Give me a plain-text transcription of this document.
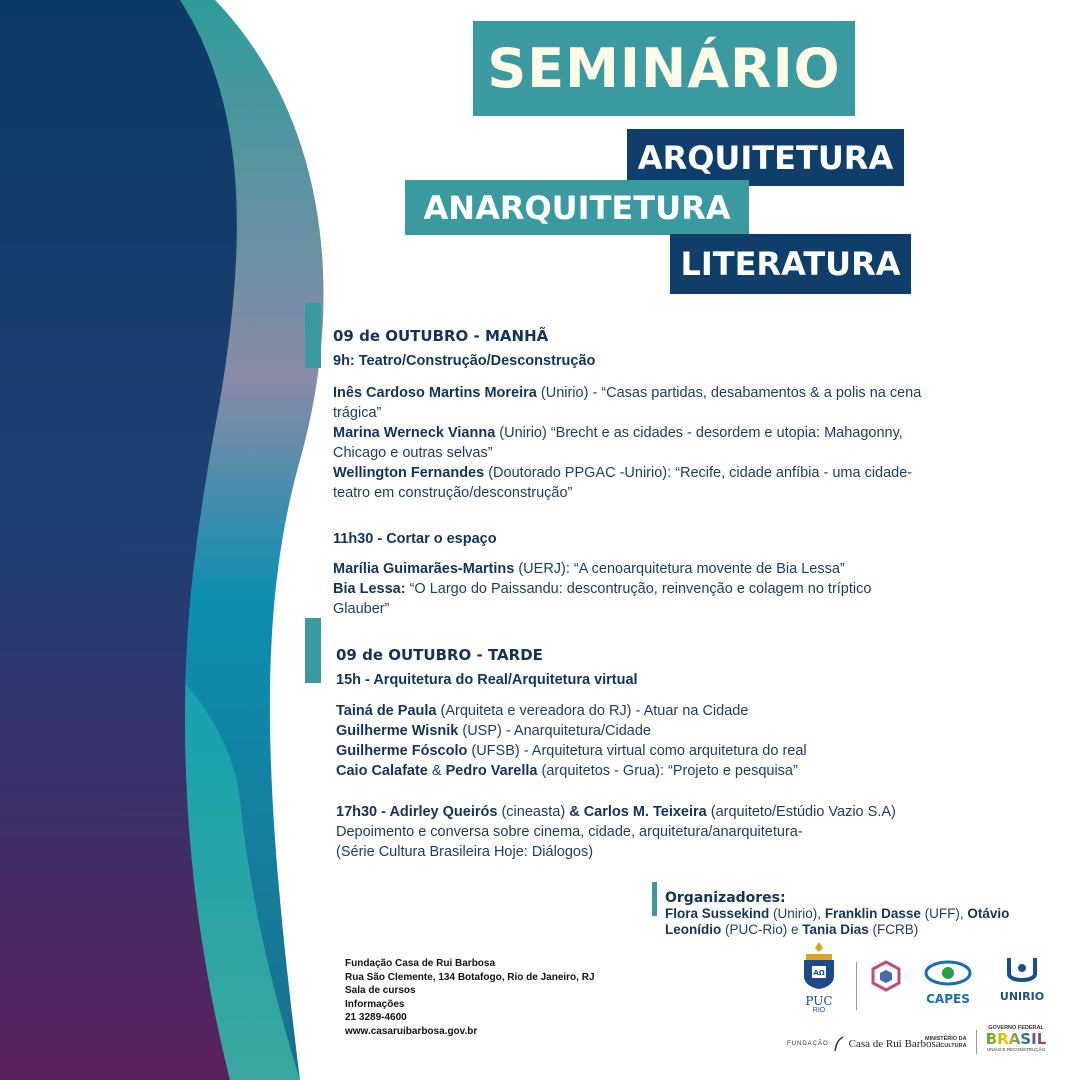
SEMINÁRIO
ARQUITETURA
ANARQUITETURA
LITERATURA

09 de OUTUBRO - MANHÃ

9h: Teatro/Construção/Desconstrução

Inês Cardoso Martins Moreira (Unirio) - “Casas partidas, desabamentos & a polis na cena trágica”

Marina Werneck Vianna (Unirio) “Brecht e as cidades - desordem e utopia: Mahagonny, Chicago e outras selvas”

Wellington Fernandes (Doutorado PPGAC -Unirio): “Recife, cidade anfíbia - uma cidade-teatro em construção/desconstrução”

11h30 - Cortar o espaço

Marília Guimarães-Martins (UERJ): “A cenoarquitetura movente de Bia Lessa”

Bia Lessa: “O Largo do Paissandu: descontrução, reinvenção e colagem no tríptico Glauber”

09 de OUTUBRO - TARDE

15h - Arquitetura do Real/Arquitetura virtual

Tainá de Paula (Arquiteta e vereadora do RJ) - Atuar na Cidade

Guilherme Wisnik (USP) - Anarquitetura/Cidade

Guilherme Fóscolo (UFSB) - Arquitetura virtual como arquitetura do real

Caio Calafate & Pedro Varella (arquitetos - Grua): “Projeto e pesquisa”

17h30 - Adirley Queirós (cineasta) & Carlos M. Teixeira (arquiteto/Estúdio Vazio S.A)

Depoimento e conversa sobre cinema, cidade, arquitetura/anarquitetura-

(Série Cultura Brasileira Hoje: Diálogos)

Organizadores:

Flora Sussekind (Unirio), Franklin Dasse (UFF), Otávio Leonídio (PUC-Rio) e Tania Dias (FCRB)

Fundação Casa de Rui Barbosa
Rua São Clemente, 134 Botafogo, Rio de Janeiro, RJ
Sala de cursos
Informações
21 3289-4600
www.casaruibarbosa.gov.br
AΩ
PUC
RIO
CAPES	UNIRIO
FUNDAÇÃO Casa de Rui Barbosa
MINISTÉRIO DA
CULTURA
GOVERNO FEDERAL
BRASIL
UNIÃO E RECONSTRUÇÃO
